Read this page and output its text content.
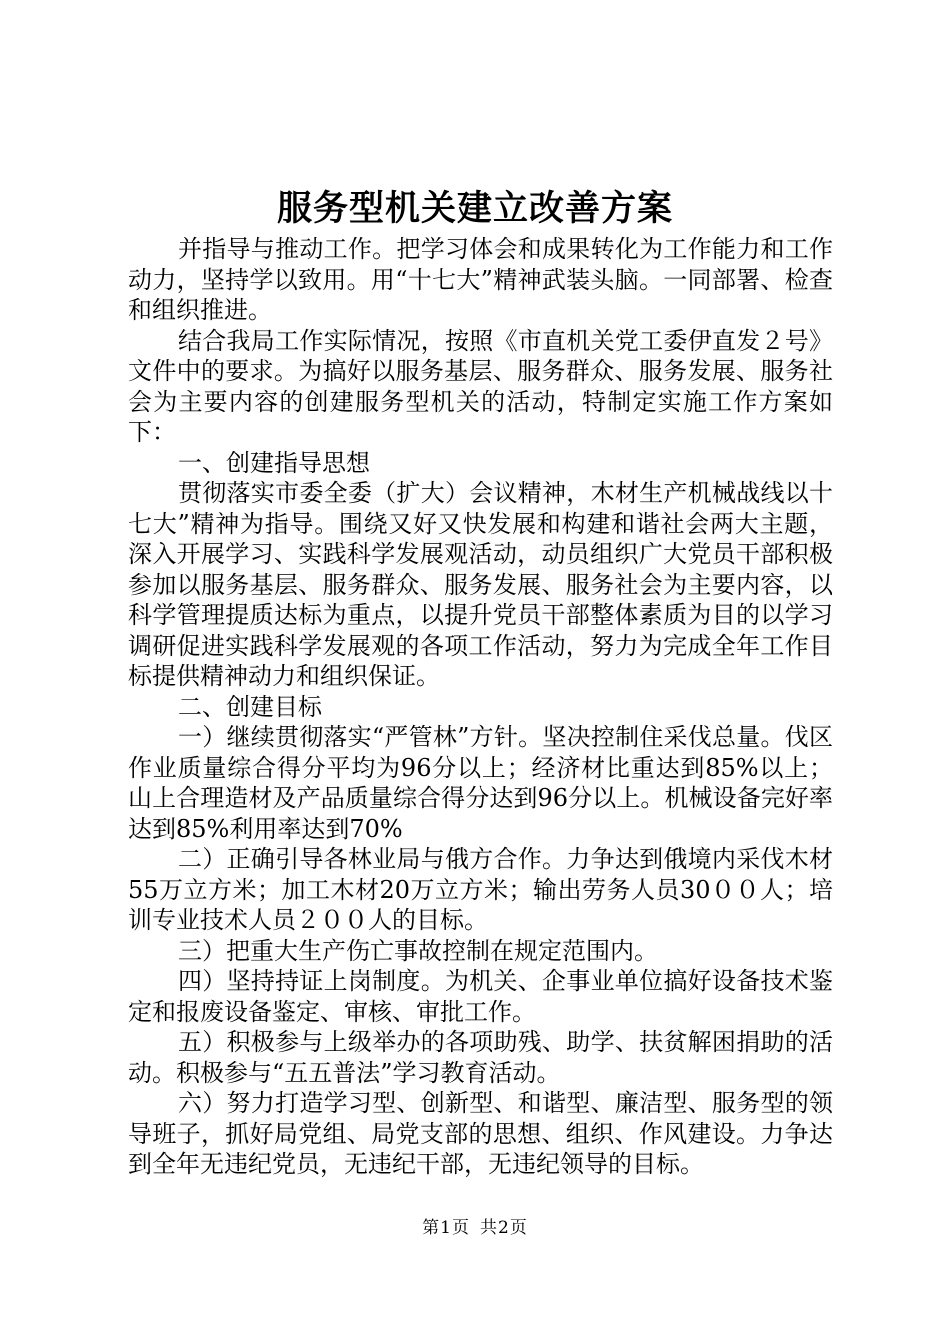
服务型机关建立改善方案

并指导与推动工作。把学习体会和成果转化为工作能力和工作动力，坚持学以致用。用“十七大”精神武装头脑。一同部署、检查和组织推进。

结合我局工作实际情况，按照《市直机关党工委伊直发２号》文件中的要求。为搞好以服务基层、服务群众、服务发展、服务社会为主要内容的创建服务型机关的活动，特制定实施工作方案如下：

一、创建指导思想

贯彻落实市委全委（扩大）会议精神，木材生产机械战线以十七大”精神为指导。围绕又好又快发展和构建和谐社会两大主题，深入开展学习、实践科学发展观活动，动员组织广大党员干部积极参加以服务基层、服务群众、服务发展、服务社会为主要内容，以科学管理提质达标为重点，以提升党员干部整体素质为目的以学习调研促进实践科学发展观的各项工作活动，努力为完成全年工作目标提供精神动力和组织保证。

二、创建目标

一）继续贯彻落实“严管林”方针。坚决控制住采伐总量。伐区作业质量综合得分平均为96分以上；经济材比重达到85%以上；山上合理造材及产品质量综合得分达到96分以上。机械设备完好率达到85%利用率达到70%

二）正确引导各林业局与俄方合作。力争达到俄境内采伐木材55万立方米；加工木材20万立方米；输出劳务人员30００人；培训专业技术人员２００人的目标。

三）把重大生产伤亡事故控制在规定范围内。

四）坚持持证上岗制度。为机关、企事业单位搞好设备技术鉴定和报废设备鉴定、审核、审批工作。

五）积极参与上级举办的各项助残、助学、扶贫解困捐助的活动。积极参与“五五普法”学习教育活动。

六）努力打造学习型、创新型、和谐型、廉洁型、服务型的领导班子，抓好局党组、局党支部的思想、组织、作风建设。力争达到全年无违纪党员，无违纪干部，无违纪领导的目标。

第1页 共2页
